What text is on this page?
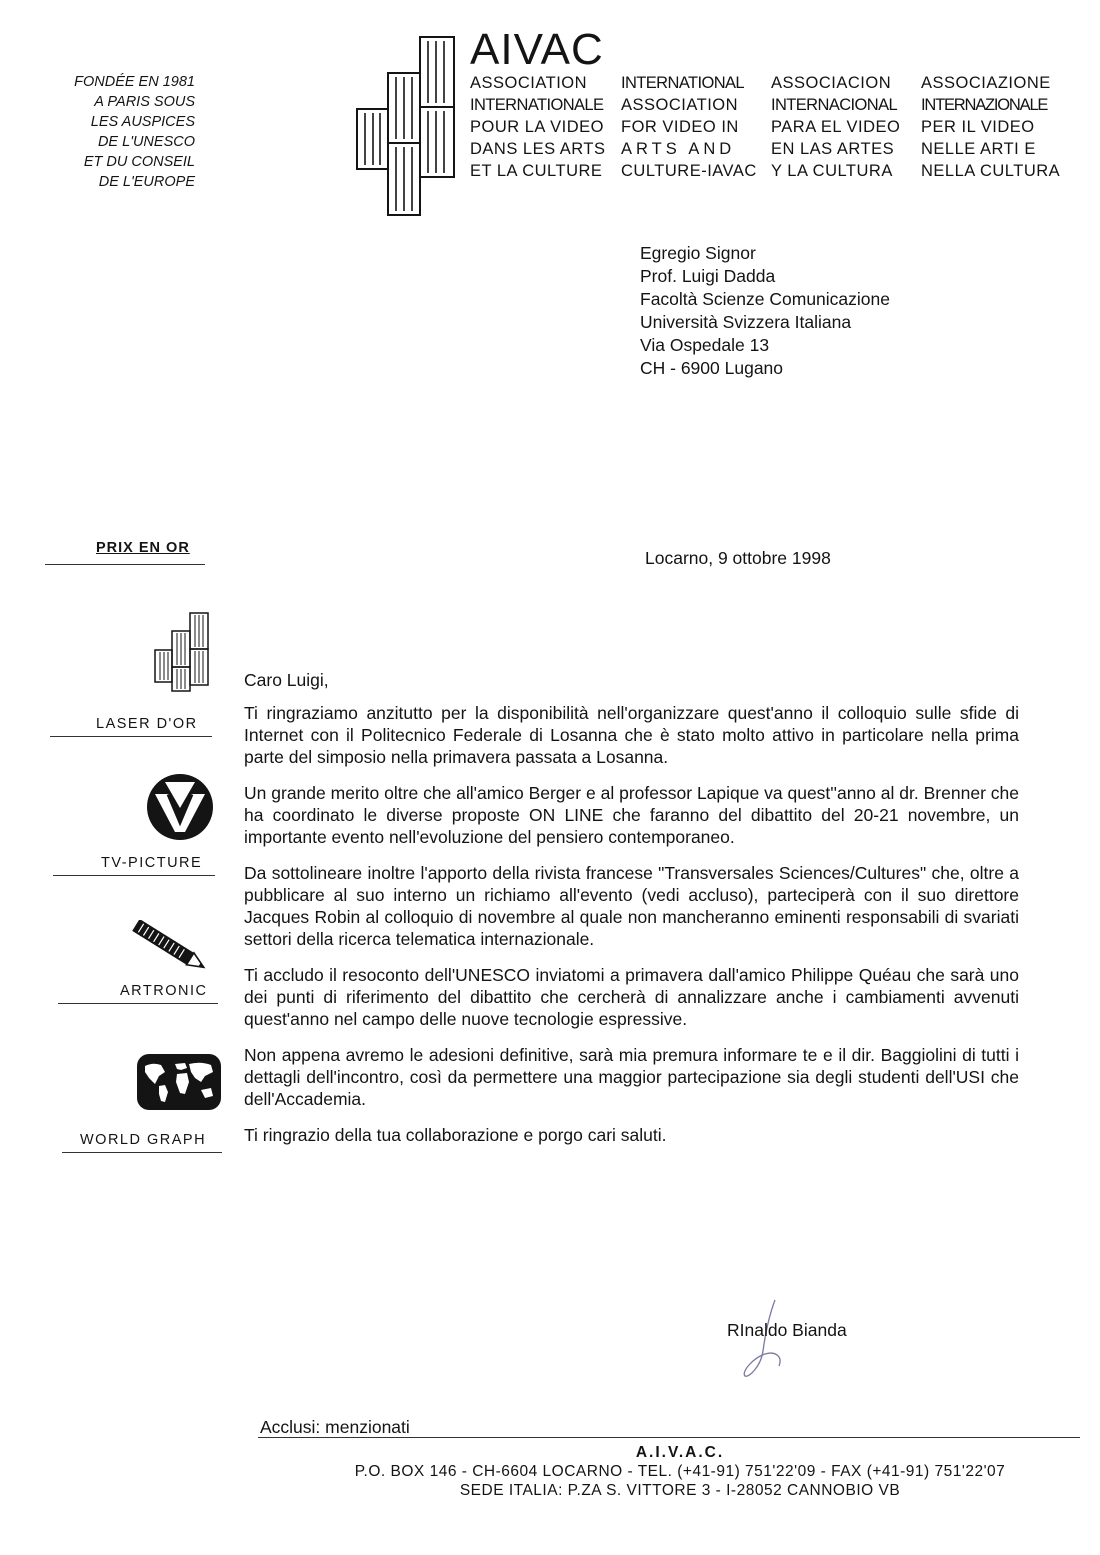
FONDÉE EN 1981
A PARIS SOUS
LES AUSPICES
DE L'UNESCO
ET DU CONSEIL
DE L'EUROPE
AIVAC
ASSOCIATION
INTERNATIONALE
POUR LA VIDEO
DANS LES ARTS
ET LA CULTURE
INTERNATIONAL
ASSOCIATION
FOR VIDEO IN
ARTS AND
CULTURE-IAVAC
ASSOCIACION
INTERNACIONAL
PARA EL VIDEO
EN LAS ARTES
Y LA CULTURA
ASSOCIAZIONE
INTERNAZIONALE
PER IL VIDEO
NELLE ARTI E
NELLA CULTURA
Egregio Signor
Prof. Luigi Dadda
Facoltà Scienze Comunicazione
Università Svizzera Italiana
Via Ospedale 13
CH - 6900 Lugano
PRIX EN OR	Locarno, 9 ottobre 1998
LASER D'OR
TV-PICTURE
ARTRONIC
WORLD GRAPH
Caro Luigi,

Ti ringraziamo anzitutto per la disponibilità nell'organizzare quest'anno il colloquio sulle sfide di Internet con il Politecnico Federale di Losanna che è stato molto attivo in particolare nella prima parte del simposio nella primavera passata a Losanna.

Un grande merito oltre che all'amico Berger e al professor Lapique va quest''anno al dr. Brenner che ha coordinato le diverse proposte ON LINE che faranno del dibattito del 20-21 novembre, un importante evento nell'evoluzione del pensiero contemporaneo.

Da sottolineare inoltre l'apporto della rivista francese "Transversales Sciences/Cultures" che, oltre a pubblicare al suo interno un richiamo all'evento (vedi accluso), parteciperà con il suo direttore Jacques Robin al colloquio di novembre al quale non mancheranno eminenti responsabili di svariati settori della ricerca telematica internazionale.

Ti accludo il resoconto dell'UNESCO inviatomi a primavera dall'amico Philippe Quéau che sarà uno dei punti di riferimento del dibattito che cercherà di annalizzare anche i cambiamenti avvenuti quest'anno nel campo delle nuove tecnologie espressive.

Non appena avremo le adesioni definitive, sarà mia premura informare te e il dir. Baggiolini di tutti i dettagli dell'incontro, così da permettere una maggior partecipazione sia degli studenti dell'USI che dell'Accademia.

Ti ringrazio della tua collaborazione e porgo cari saluti.

RInaldo Bianda
Acclusi: menzionati
A.I.V.A.C.
P.O. BOX 146 - CH-6604 LOCARNO - TEL. (+41-91) 751'22'09 - FAX (+41-91) 751'22'07
SEDE ITALIA: P.ZA S. VITTORE 3 - I-28052 CANNOBIO VB
